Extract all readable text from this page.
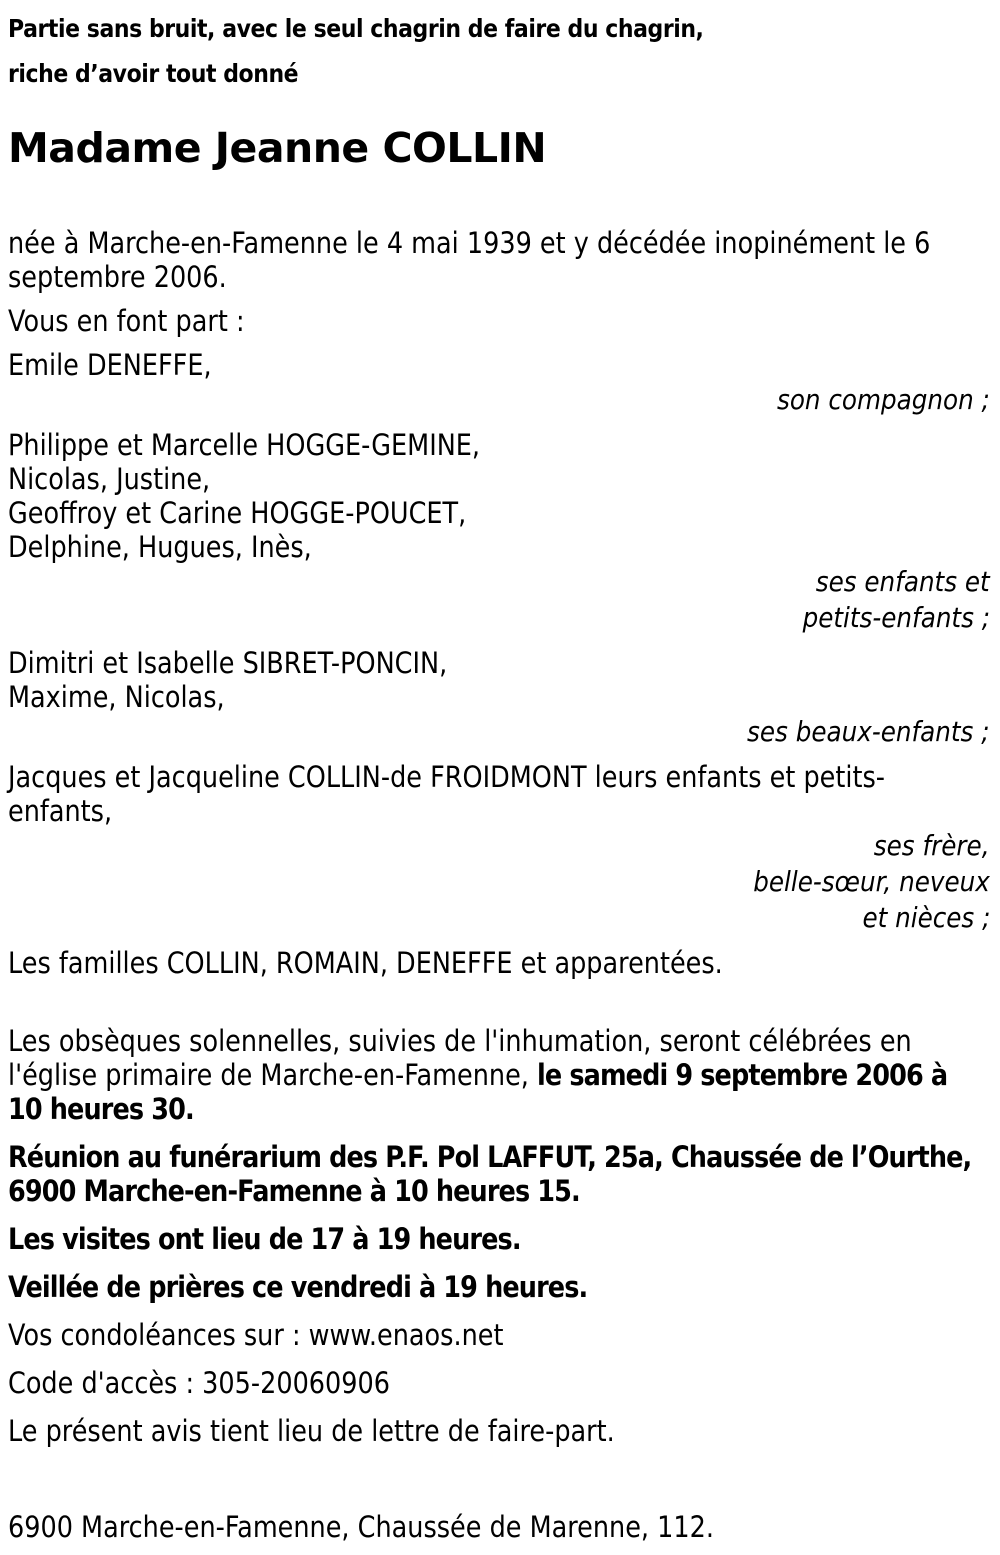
Partie sans bruit, avec le seul chagrin de faire du chagrin,
riche d’avoir tout donné
Madame Jeanne COLLIN
née à Marche-en-Famenne le 4 mai 1939 et y décédée inopinément le 6
septembre 2006.
Vous en font part :
Emile DENEFFE,
son compagnon ;
Philippe et Marcelle HOGGE-GEMINE,
Nicolas, Justine,
Geoffroy et Carine HOGGE-POUCET,
Delphine, Hugues, Inès,
ses enfants et
petits-enfants ;
Dimitri et Isabelle SIBRET-PONCIN,
Maxime, Nicolas,
ses beaux-enfants ;
Jacques et Jacqueline COLLIN-de FROIDMONT leurs enfants et petits-
enfants,
ses frère,
belle-sœur, neveux
et nièces ;
Les familles COLLIN, ROMAIN, DENEFFE et apparentées.
Les obsèques solennelles, suivies de l'inhumation, seront célébrées en
l'église primaire de Marche-en-Famenne, le samedi 9 septembre 2006 à
10 heures 30.
Réunion au funérarium des P.F. Pol LAFFUT, 25a, Chaussée de l’Ourthe,
6900 Marche-en-Famenne à 10 heures 15.
Les visites ont lieu de 17 à 19 heures.
Veillée de prières ce vendredi à 19 heures.
Vos condoléances sur : www.enaos.net
Code d'accès : 305-20060906
Le présent avis tient lieu de lettre de faire-part.
6900 Marche-en-Famenne, Chaussée de Marenne, 112.
